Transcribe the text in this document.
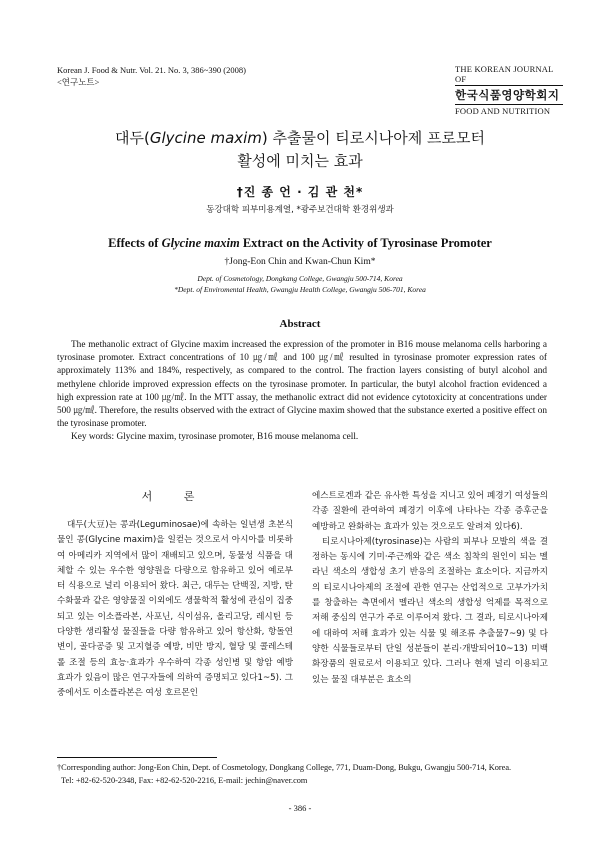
Korean J. Food & Nutr. Vol. 21. No. 3, 386~390 (2008)
<연구노트>
THE KOREAN JOURNAL OF
한국식품영양학회지
FOOD AND NUTRITION
대두(Glycine maxim) 추출물이 티로시나아제 프로모터
활성에 미치는 효과
†진 종 언 · 김 관 천*
동강대학 피부미용계열, *광주보건대학 환경위생과
Effects of Glycine maxim Extract on the Activity of Tyrosinase Promoter
†Jong-Eon Chin and Kwan-Chun Kim*
Dept. of Cosmetology, Dongkang College, Gwangju 500-714, Korea
*Dept. of Enviromental Health, Gwangju Health College, Gwangju 506-701, Korea
Abstract

The methanolic extract of Glycine maxim increased the expression of the promoter in B16 mouse melanoma cells harboring a tyrosinase promoter. Extract concentrations of 10 ㎍/㎖ and 100 ㎍/㎖ resulted in tyrosinase promoter expression rates of approximately 113% and 184%, respectively, as compared to the control. The fraction layers consisting of butyl alcohol and methylene chloride improved expression effects on the tyrosinase promoter. In particular, the butyl alcohol fraction evidenced a high expression rate at 100 ㎍/㎖. In the MTT assay, the methanolic extract did not evidence cytotoxicity at concentrations under 500 ㎍/㎖. Therefore, the results observed with the extract of Glycine maxim showed that the substance exerted a positive effect on the tyrosinase promoter.

Key words: Glycine maxim, tyrosinase promoter, B16 mouse melanoma cell.

서 론

대두(大豆)는 콩과(Leguminosae)에 속하는 일년생 초본식물인 콩(Glycine maxim)을 일컫는 것으로서 아시아를 비롯하여 아메리카 지역에서 많이 재배되고 있으며, 동물성 식품을 대체할 수 있는 우수한 영양원을 다량으로 함유하고 있어 예로부터 식용으로 널리 이용되어 왔다. 최근, 대두는 단백질, 지방, 탄수화물과 같은 영양물질 이외에도 생물학적 활성에 관심이 집중되고 있는 이소플라본, 사포닌, 식이섬유, 올리고당, 레시틴 등 다양한 생리활성 물질들을 다량 함유하고 있어 항산화, 항돌연변이, 골다공증 및 고지혈증 예방, 비만 방지, 혈당 및 콜레스테롤 조절 등의 효능·효과가 우수하여 각종 성인병 및 항암 예방 효과가 있음이 많은 연구자들에 의하여 증명되고 있다1~5). 그 중에서도 이소플라본은 여성 호르몬인

에스트로겐과 같은 유사한 특성을 지니고 있어 폐경기 여성들의 각종 질환에 관여하여 폐경기 이후에 나타나는 각종 증후군을 예방하고 완화하는 효과가 있는 것으로도 알려져 있다6).

티로시나아제(tyrosinase)는 사람의 피부나 모발의 색을 결정하는 동시에 기미·주근깨와 같은 색소 침착의 원인이 되는 멜라닌 색소의 생합성 초기 반응의 조절하는 효소이다. 지금까지의 티로시나아제의 조절에 관한 연구는 산업적으로 고부가가치를 창출하는 측면에서 멜라닌 색소의 생합성 억제를 목적으로 저해 중심의 연구가 주로 이루어져 왔다. 그 결과, 티로시나아제에 대하여 저해 효과가 있는 식물 및 해조류 추출물7~9) 및 다양한 식물들로부터 단일 성분들이 분리·개발되어10~13) 미백 화장품의 원료로서 이용되고 있다. 그러나 현재 널리 이용되고 있는 물질 대부분은 효소의

†Corresponding author: Jong-Eon Chin, Dept. of Cosmetology, Dongkang College, 771, Duam-Dong, Bukgu, Gwangju 500-714, Korea.
Tel: +82-62-520-2348, Fax: +82-62-520-2216, E-mail: jechin@naver.com
- 386 -
